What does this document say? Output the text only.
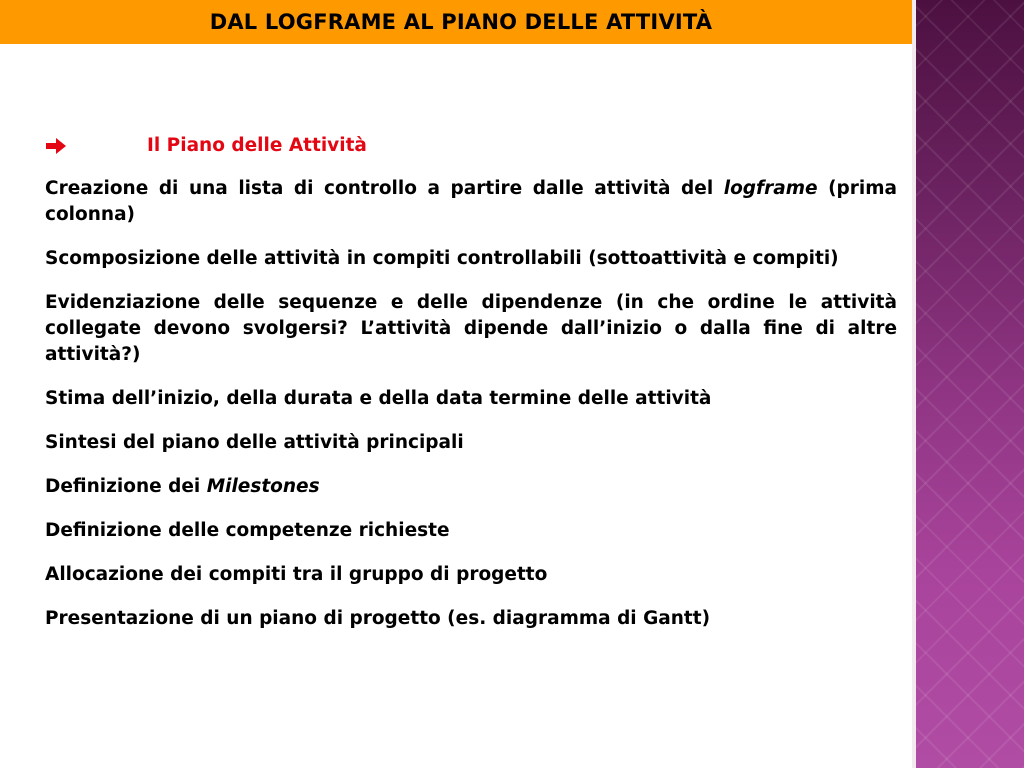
DAL LOGFRAME AL PIANO DELLE ATTIVITÀ
Il Piano delle Attività

Creazione di una lista di controllo a partire dalle attività del logframe (prima colonna)

Scomposizione delle attività in compiti controllabili (sottoattività e compiti)

Evidenziazione delle sequenze e delle dipendenze (in che ordine le attività collegate devono svolgersi? L’attività dipende dall’inizio o dalla fine di altre attività?)

Stima dell’inizio, della durata e della data termine delle attività

Sintesi del piano delle attività principali

Definizione dei Milestones

Definizione delle competenze richieste

Allocazione dei compiti tra il gruppo di progetto

Presentazione di un piano di progetto (es. diagramma di Gantt)
